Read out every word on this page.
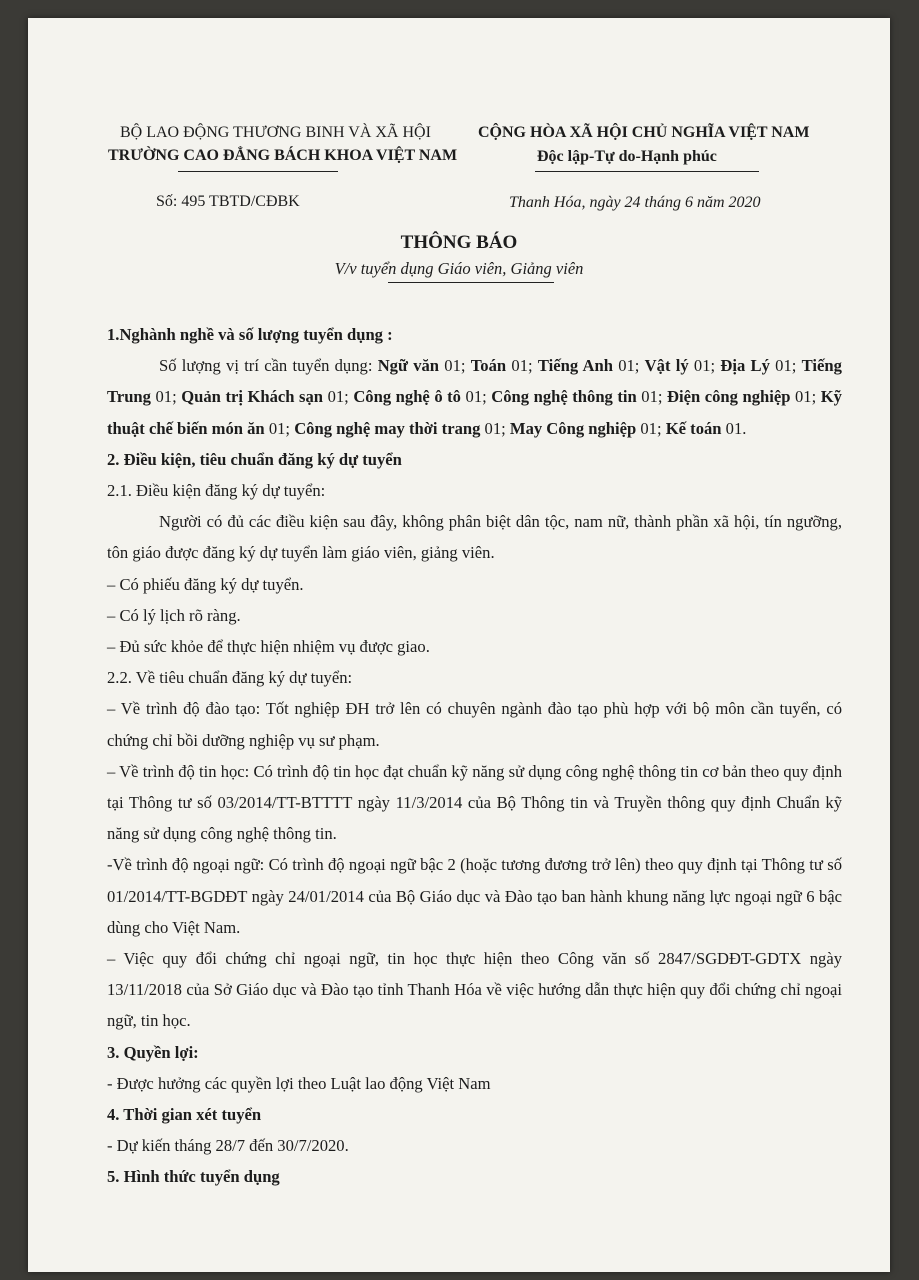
BỘ LAO ĐỘNG THƯƠNG BINH VÀ XÃ HỘI
TRƯỜNG CAO ĐẲNG BÁCH KHOA VIỆT NAM
Số: 495 TBTD/CĐBK
CỘNG HÒA XÃ HỘI CHỦ NGHĨA VIỆT NAM
Độc lập-Tự do-Hạnh phúc
Thanh Hóa, ngày 24 tháng 6 năm 2020
THÔNG BÁO
V/v tuyển dụng Giáo viên, Giảng viên

1.Nghành nghề và số lượng tuyển dụng :

Số lượng vị trí cần tuyển dụng: Ngữ văn 01; Toán 01; Tiếng Anh 01; Vật lý 01; Địa Lý 01; Tiếng Trung 01; Quản trị Khách sạn 01; Công nghệ ô tô 01; Công nghệ thông tin 01; Điện công nghiệp 01; Kỹ thuật chế biến món ăn 01; Công nghệ may thời trang 01; May Công nghiệp 01; Kế toán 01.

2. Điều kiện, tiêu chuẩn đăng ký dự tuyển

2.1. Điều kiện đăng ký dự tuyển:

Người có đủ các điều kiện sau đây, không phân biệt dân tộc, nam nữ, thành phần xã hội, tín ngưỡng, tôn giáo được đăng ký dự tuyển làm giáo viên, giảng viên.

– Có phiếu đăng ký dự tuyển.

– Có lý lịch rõ ràng.

– Đủ sức khỏe để thực hiện nhiệm vụ được giao.

2.2. Về tiêu chuẩn đăng ký dự tuyển:

– Về trình độ đào tạo: Tốt nghiệp ĐH trở lên có chuyên ngành đào tạo phù hợp với bộ môn cần tuyển, có chứng chỉ bồi dưỡng nghiệp vụ sư phạm.

– Về trình độ tin học: Có trình độ tin học đạt chuẩn kỹ năng sử dụng công nghệ thông tin cơ bản theo quy định tại Thông tư số 03/2014/TT-BTTTT ngày 11/3/2014 của Bộ Thông tin và Truyền thông quy định Chuẩn kỹ năng sử dụng công nghệ thông tin.

-Về trình độ ngoại ngữ: Có trình độ ngoại ngữ bậc 2 (hoặc tương đương trở lên) theo quy định tại Thông tư số 01/2014/TT-BGDĐT ngày 24/01/2014 của Bộ Giáo dục và Đào tạo ban hành khung năng lực ngoại ngữ 6 bậc dùng cho Việt Nam.

– Việc quy đổi chứng chỉ ngoại ngữ, tin học thực hiện theo Công văn số 2847/SGDĐT-GDTX ngày 13/11/2018 của Sở Giáo dục và Đào tạo tỉnh Thanh Hóa về việc hướng dẫn thực hiện quy đổi chứng chỉ ngoại ngữ, tin học.

3. Quyền lợi:

- Được hưởng các quyền lợi theo Luật lao động Việt Nam

4. Thời gian xét tuyển

- Dự kiến tháng 28/7 đến 30/7/2020.

5. Hình thức tuyển dụng
